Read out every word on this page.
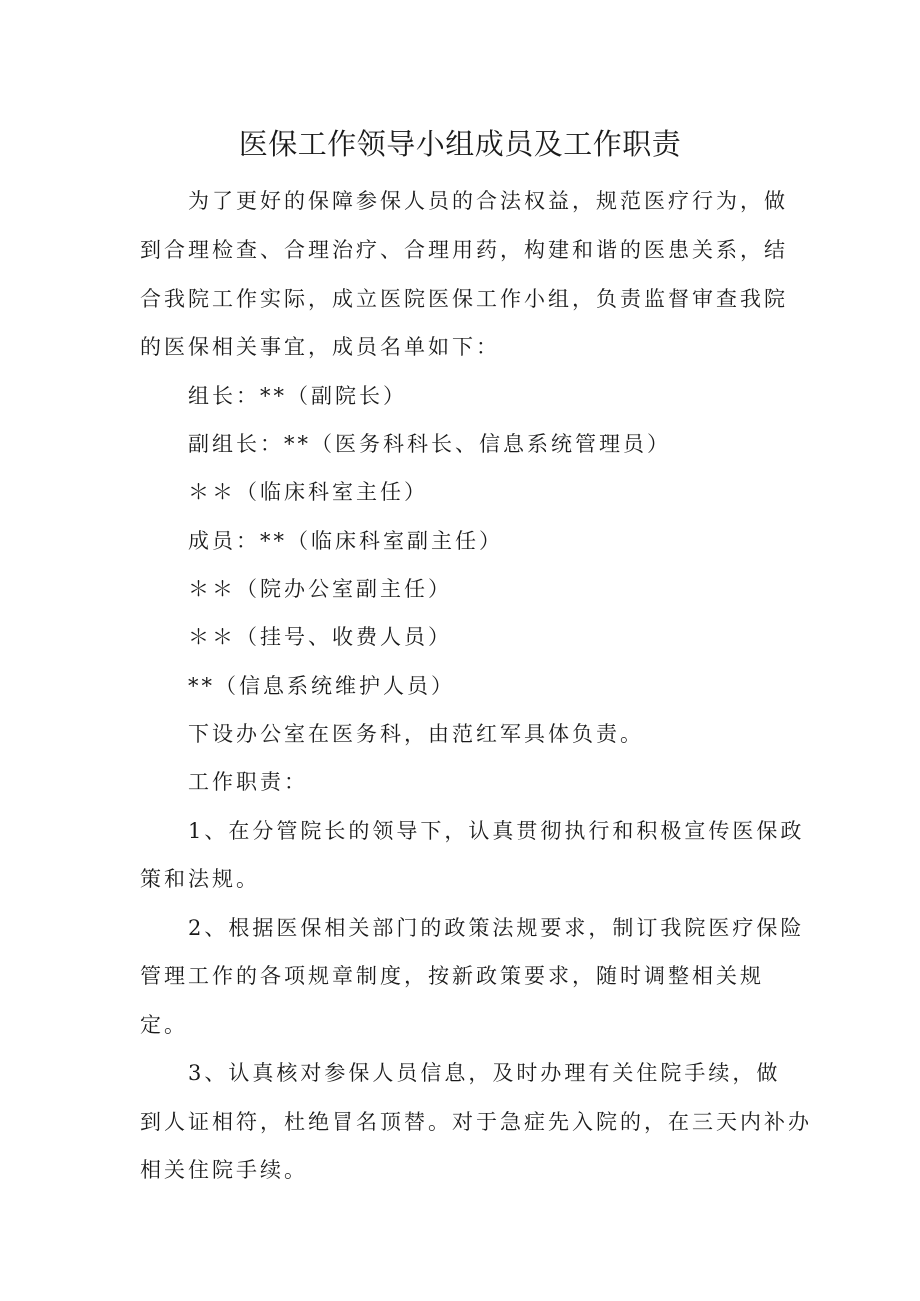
医保工作领导小组成员及工作职责

为了更好的保障参保人员的合法权益，规范医疗行为，做

到合理检查、合理治疗、合理用药，构建和谐的医患关系，结

合我院工作实际，成立医院医保工作小组，负责监督审查我院

的医保相关事宜，成员名单如下：

组长：**（副院长）

副组长：**（医务科科长、信息系统管理员）

＊＊（临床科室主任）

成员：**（临床科室副主任）

＊＊（院办公室副主任）

＊＊（挂号、收费人员）

**（信息系统维护人员）

下设办公室在医务科，由范红军具体负责。

工作职责：

1、在分管院长的领导下，认真贯彻执行和积极宣传医保政

策和法规。

2、根据医保相关部门的政策法规要求，制订我院医疗保险

管理工作的各项规章制度，按新政策要求，随时调整相关规

定。

3、认真核对参保人员信息，及时办理有关住院手续，做

到人证相符，杜绝冒名顶替。对于急症先入院的，在三天内补办

相关住院手续。
